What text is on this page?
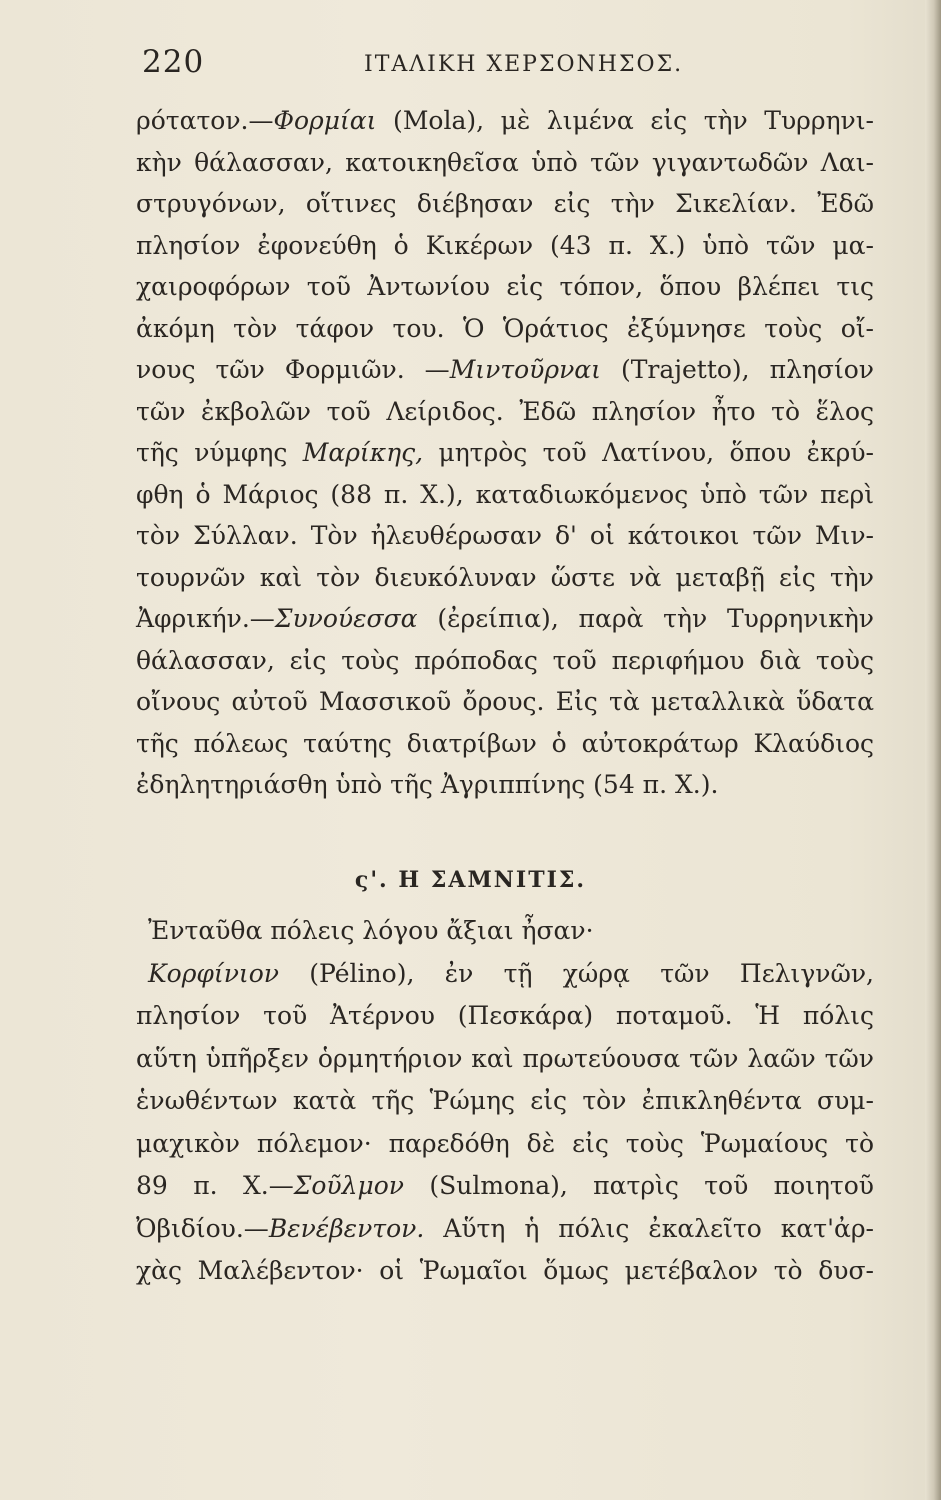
220	ΙΤΑΛΙΚΗ ΧΕΡΣΟΝΗΣΟΣ.
ρότατον.—Φορμίαι (Mola), μὲ λιμένα εἰς τὴν Τυρρηνι-
κὴν θάλασσαν, κατοικηθεῖσα ὑπὸ τῶν γιγαντωδῶν Λαι-
στρυγόνων, οἵτινες διέβησαν εἰς τὴν Σικελίαν. Ἐδῶ
πλησίον ἐφονεύθη ὁ Κικέρων (43 π. Χ.) ὑπὸ τῶν μα-
χαιροφόρων τοῦ Ἀντωνίου εἰς τόπον, ὅπου βλέπει τις
ἀκόμη τὸν τάφον του. Ὁ Ὁράτιος ἐξύμνησε τοὺς οἴ-
νους τῶν Φορμιῶν. —Μιντοῦρναι (Trajetto), πλησίον
τῶν ἐκβολῶν τοῦ Λείριδος. Ἐδῶ πλησίον ἦτο τὸ ἕλος
τῆς νύμφης Μαρίκης, μητρὸς τοῦ Λατίνου, ὅπου ἐκρύ-
φθη ὁ Μάριος (88 π. Χ.), καταδιωκόμενος ὑπὸ τῶν περὶ
τὸν Σύλλαν. Τὸν ἠλευθέρωσαν δ' οἱ κάτοικοι τῶν Μιν-
τουρνῶν καὶ τὸν διευκόλυναν ὥστε νὰ μεταβῇ εἰς τὴν
Ἀφρικήν.—Συνούεσσα (ἐρείπια), παρὰ τὴν Τυρρηνικὴν
θάλασσαν, εἰς τοὺς πρόποδας τοῦ περιφήμου διὰ τοὺς
οἴνους αὐτοῦ Μασσικοῦ ὄρους. Εἰς τὰ μεταλλικὰ ὕδατα
τῆς πόλεως ταύτης διατρίβων ὁ αὐτοκράτωρ Κλαύδιος
ἐδηλητηριάσθη ὑπὸ τῆς Ἀγριππίνης (54 π. Χ.).
Ἐνταῦθα πόλεις λόγου ἄξιαι ἦσαν·
Κορφίνιον (Pélino), ἐν τῇ χώρᾳ τῶν Πελιγνῶν,
πλησίον τοῦ Ἀτέρνου (Πεσκάρα) ποταμοῦ. Ἡ πόλις
αὕτη ὑπῆρξεν ὁρμητήριον καὶ πρωτεύουσα τῶν λαῶν τῶν
ἑνωθέντων κατὰ τῆς Ῥώμης εἰς τὸν ἐπικληθέντα συμ-
μαχικὸν πόλεμον· παρεδόθη δὲ εἰς τοὺς Ῥωμαίους τὸ
89 π. Χ.—Σοῦλμον (Sulmona), πατρὶς τοῦ ποιητοῦ
Ὀβιδίου.—Βενέβεντον. Αὕτη ἡ πόλις ἐκαλεῖτο κατ'ἀρ-
χὰς Μαλέβεντον· οἱ Ῥωμαῖοι ὅμως μετέβαλον τὸ δυσ-
ς'. Η ΣΑΜΝΙΤΙΣ.
